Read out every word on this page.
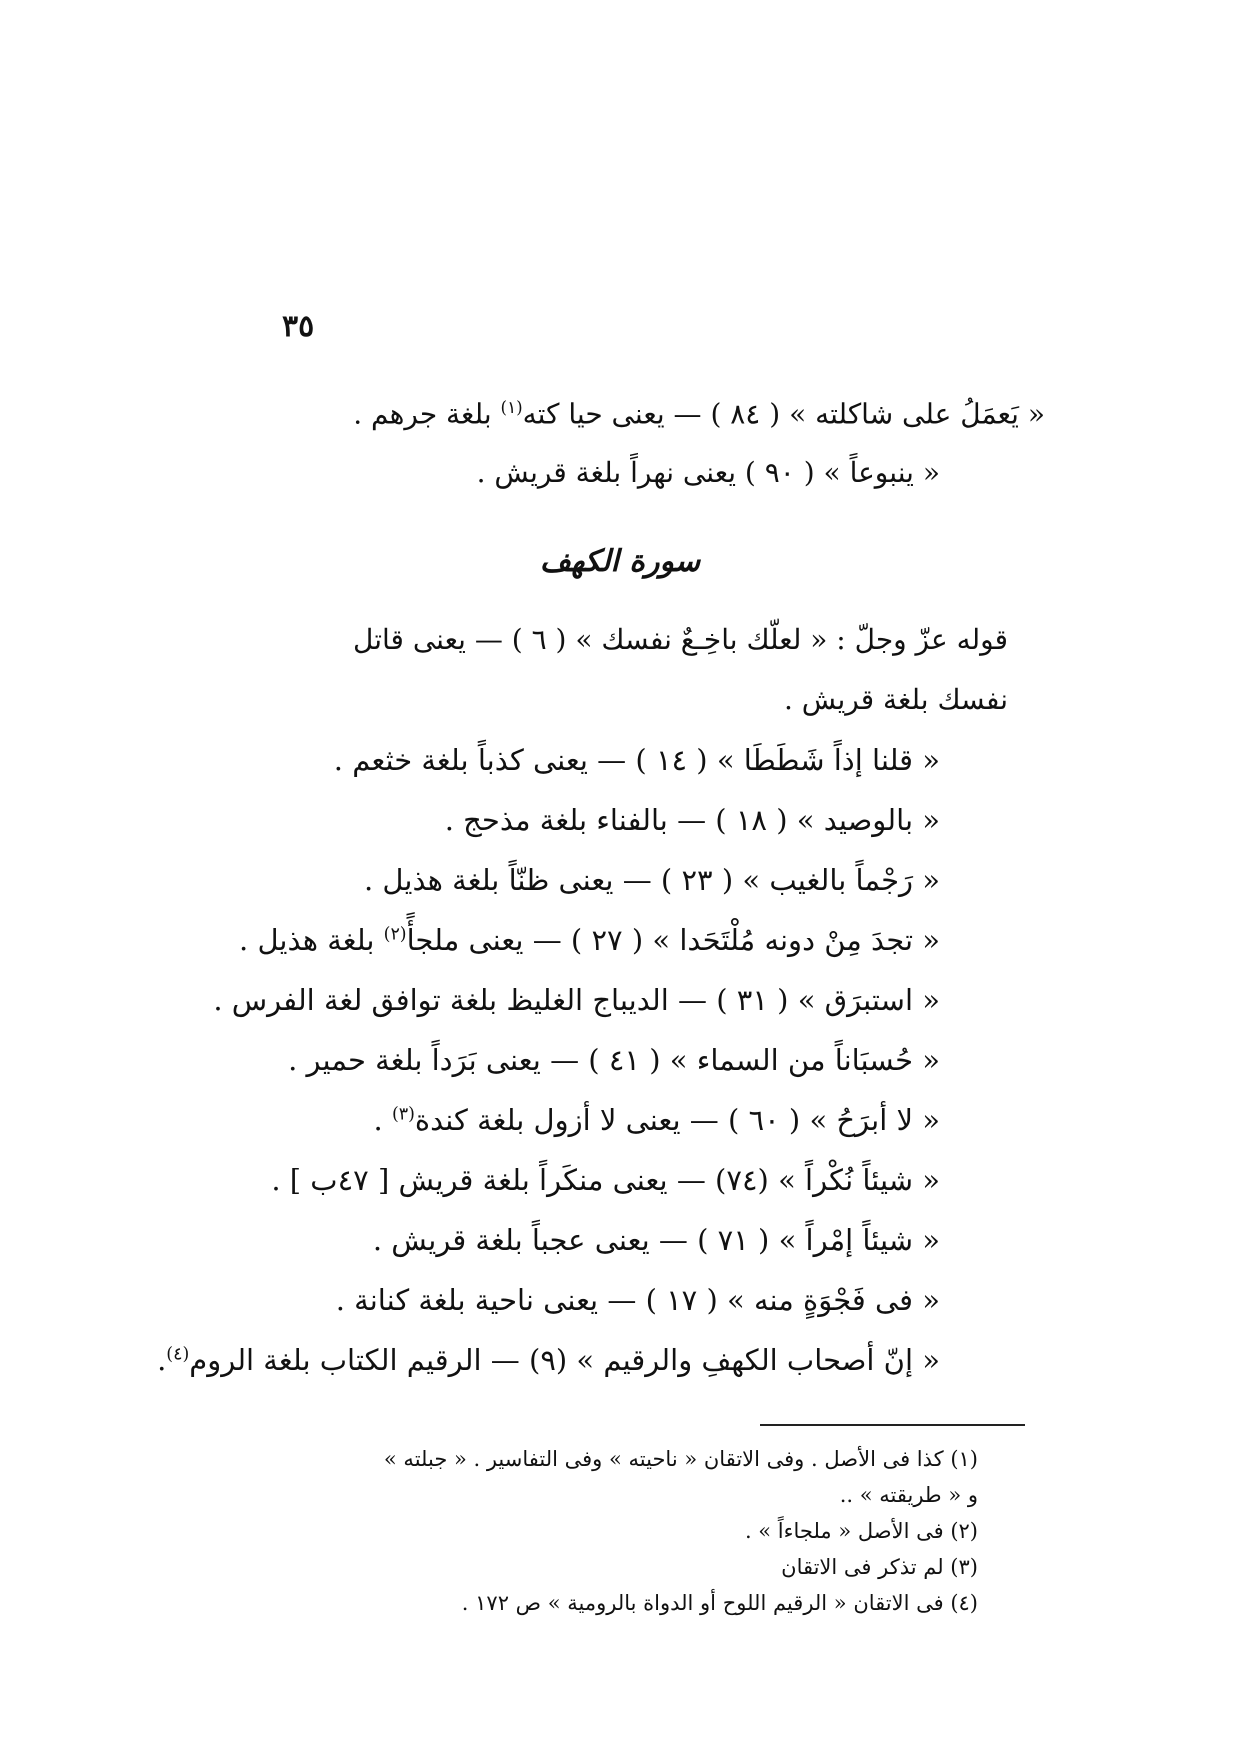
٣٥
« يَعمَلُ على شاكلته » ( ٨٤ ) — يعنى حيا كته$^{(١)}$ بلغة جرهم .
« ينبوعاً » ( ٩٠ ) يعنى نهراً بلغة قريش .
سورة الكهف
قوله عزّ وجلّ : « لعلّك باخِـعٌ نفسك » ( ٦ ) — يعنى قاتل
نفسك بلغة قريش .
« قلنا إذاً شَطَطَا » ( ١٤ ) — يعنى كذباً بلغة خثعم .
« بالوصيد » ( ١٨ ) — بالفناء بلغة مذحج .
« رَجْماً بالغيب » ( ٢٣ ) — يعنى ظنّاً بلغة هذيل .
« تجدَ مِنْ دونه مُلْتَحَدا » ( ٢٧ ) — يعنى ملجأً$^{(٢)}$ بلغة هذيل .
« استبرَق » ( ٣١ ) — الديباج الغليظ بلغة توافق لغة الفرس .
« حُسبَاناً من السماء » ( ٤١ ) — يعنى بَرَداً بلغة حمير .
« لا أبرَحُ » ( ٦٠ ) — يعنى لا أزول بلغة كندة$^{(٣)}$ .
« شيئاً نُكْراً » (٧٤) — يعنى منكَراً بلغة قريش [ ٤٧ب ] .
« شيئاً إمْراً » ( ٧١ ) — يعنى عجباً بلغة قريش .
« فى فَجْوَةٍ منه » ( ١٧ ) — يعنى ناحية بلغة كنانة .
« إنّ أصحاب الكهفِ والرقيم » (٩) — الرقيم الكتاب بلغة الروم$^{(٤)}$.
(١) كذا فى الأصل . وفى الاتقان « ناحيته » وفى التفاسير . « جبلته »
و « طريقته » ..
(٢) فى الأصل « ملجاءاً » .
(٣) لم تذكر فى الاتقان
(٤) فى الاتقان « الرقيم اللوح أو الدواة بالرومية » ص ١٧٢ .
